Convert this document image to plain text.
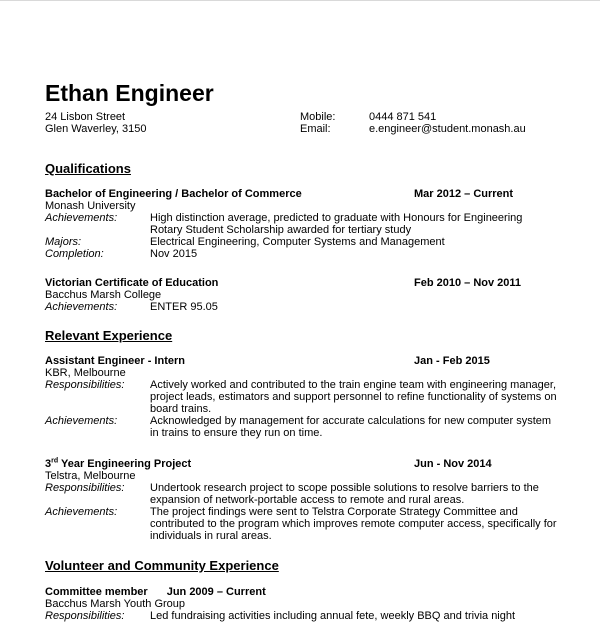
Ethan Engineer
24 Lisbon Street
Glen Waverley, 3150
Mobile:	0444 871 541
Email:	e.engineer@student.monash.au
Qualifications
Bachelor of Engineering / Bachelor of Commerce	Mar 2012 – Current
Monash University
Achievements:	High distinction average, predicted to graduate with Honours for Engineering
Rotary Student Scholarship awarded for tertiary study
Majors:	Electrical Engineering, Computer Systems and Management
Completion:	Nov 2015
Victorian Certificate of Education	Feb 2010 – Nov 2011
Bacchus Marsh College
Achievements:	ENTER 95.05
Relevant Experience
Assistant Engineer - Intern	Jan - Feb 2015
KBR, Melbourne
Responsibilities: Actively worked and contributed to the train engine team with engineering manager, project leads, estimators and support personnel to refine functionality of systems on board trains.
Achievements:	Acknowledged by management for accurate calculations for new computer system in trains to ensure they run on time.
3rd Year Engineering Project	Jun - Nov 2014
Telstra, Melbourne
Responsibilities: Undertook research project to scope possible solutions to resolve barriers to the expansion of network-portable access to remote and rural areas.
Achievements:	The project findings were sent to Telstra Corporate Strategy Committee and contributed to the program which improves remote computer access, specifically for individuals in rural areas.
Volunteer and Community Experience
Committee member Jun 2009 – Current
Bacchus Marsh Youth Group
Responsibilities: Led fundraising activities including annual fete, weekly BBQ and trivia night
